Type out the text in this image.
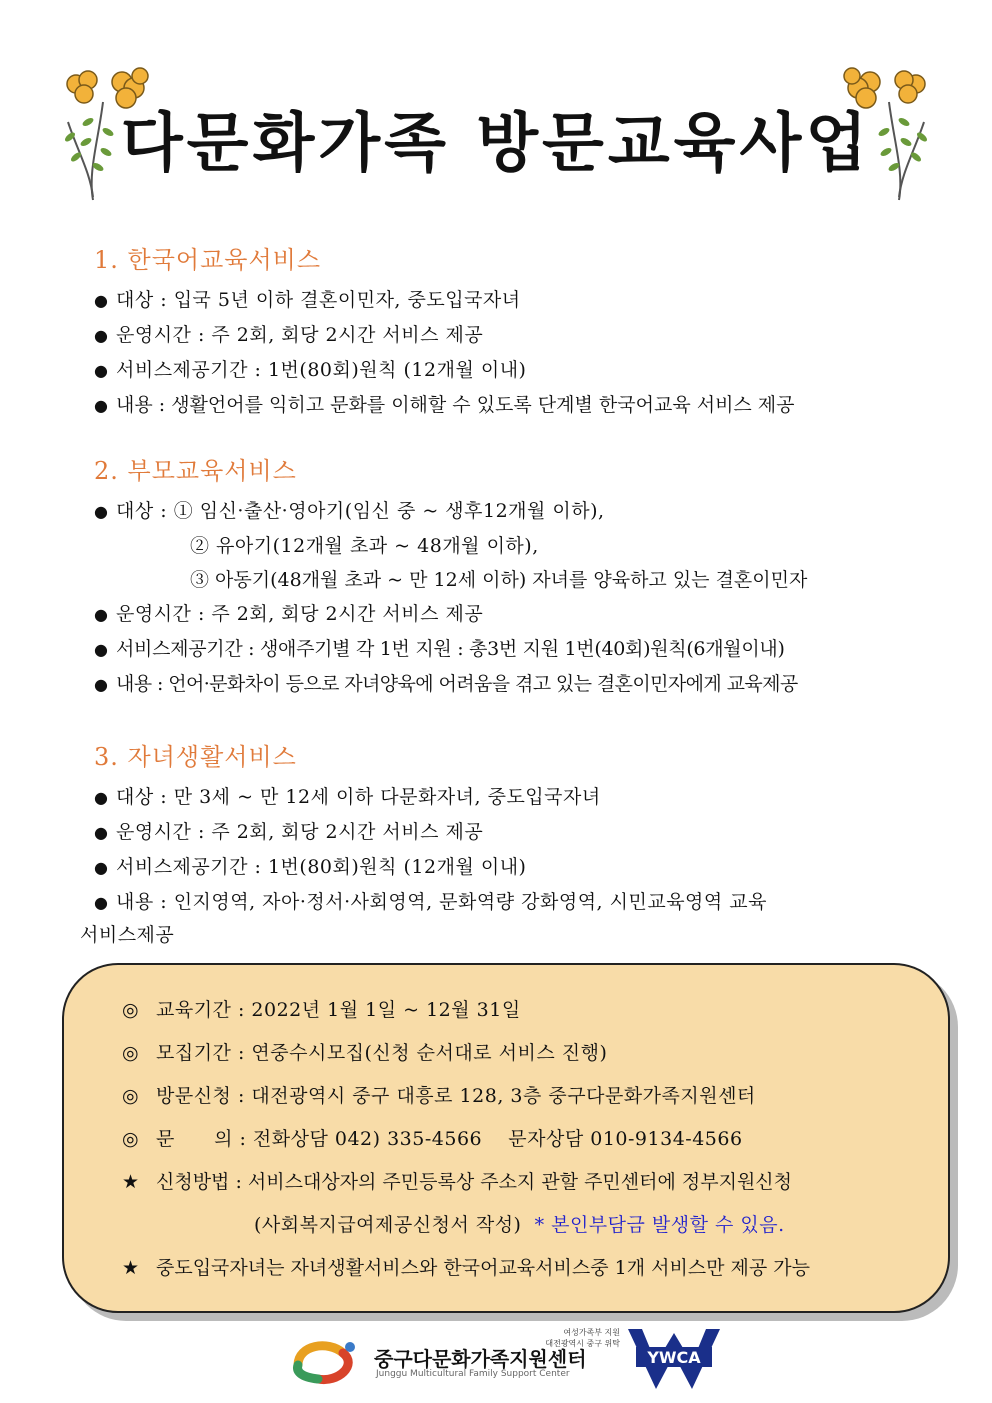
다문화가족 방문교육사업
1. 한국어교육서비스
● 대상 : 입국 5년 이하 결혼이민자, 중도입국자녀
● 운영시간 : 주 2회, 회당 2시간 서비스 제공
● 서비스제공기간 : 1번(80회)원칙 (12개월 이내)
● 내용 : 생활언어를 익히고 문화를 이해할 수 있도록 단계별 한국어교육 서비스 제공
2. 부모교육서비스
● 대상 : ① 임신·출산·영아기(임신 중 ~ 생후12개월 이하),
② 유아기(12개월 초과 ~ 48개월 이하),
③ 아동기(48개월 초과 ~ 만 12세 이하) 자녀를 양육하고 있는 결혼이민자
● 운영시간 : 주 2회, 회당 2시간 서비스 제공
● 서비스제공기간 : 생애주기별 각 1번 지원 : 총3번 지원 1번(40회)원칙(6개월이내)
● 내용 : 언어·문화차이 등으로 자녀양육에 어려움을 겪고 있는 결혼이민자에게 교육제공
3. 자녀생활서비스
● 대상 : 만 3세 ~ 만 12세 이하 다문화자녀, 중도입국자녀
● 운영시간 : 주 2회, 회당 2시간 서비스 제공
● 서비스제공기간 : 1번(80회)원칙 (12개월 이내)
● 내용 : 인지영역, 자아·정서·사회영역, 문화역량 강화영역, 시민교육영역 교육
서비스제공
◎ 교육기간 : 2022년 1월 1일 ~ 12월 31일
◎ 모집기간 : 연중수시모집(신청 순서대로 서비스 진행)
◎ 방문신청 : 대전광역시 중구 대흥로 128, 3층 중구다문화가족지원센터
◎ 문      의 : 전화상담 042) 335-4566    문자상담 010-9134-4566
★ 신청방법 : 서비스대상자의 주민등록상 주소지 관할 주민센터에 정부지원신청
(사회복지급여제공신청서 작성) * 본인부담금 발생할 수 있음.
★ 중도입국자녀는 자녀생활서비스와 한국어교육서비스중 1개 서비스만 제공 가능
여성가족부 지원
대전광역시 중구 위탁
중구다문화가족지원센터
Junggu Multicultural Family Support Center
YWCA
